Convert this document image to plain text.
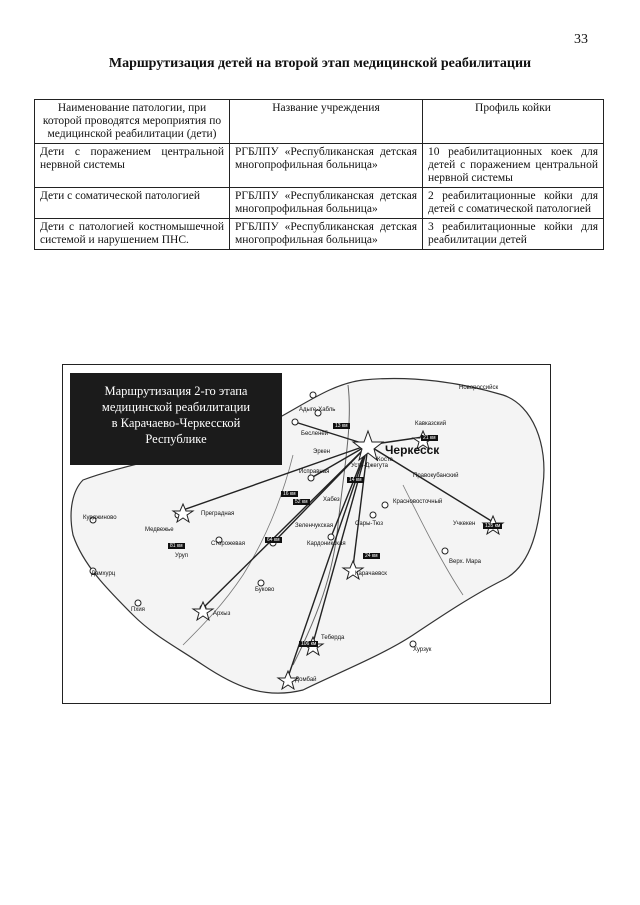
33
Маршрутизация детей на второй этап медицинской реабилитации
Наименование патологии, при которой проводятся мероприятия по медицинской реабилитации (дети)	Название учреждения	Профиль койки
Дети с поражением центральной нервной системы	РГБЛПУ «Республиканская детская многопрофильная больница»	10 реабилитационных коек для детей с поражением центральной нервной системы
Дети с соматической патологией	РГБЛПУ «Республиканская детская многопрофильная больница»	2 реабилитационные койки для детей с соматической патологией
Дети с патологией костномышечной системой и нарушением ПНС.	РГБЛПУ «Республиканская детская многопрофильная больница»	3 реабилитационные койки для реабилитации детей
Маршрутизация 2-го этапа
медицинской реабилитации
в Карачаево-Черкесской
Республике
Черкесск
Новороссийск
Адыге-Хабль
Кавказский
Бесленей
Усть-Джегута
Исправная
Хабез	Красновосточный
Курджиново
Преградная
Медвежье
Зеленчукская	Сары-Тюз	Учкекен
Сторожевая	Кардоникская
Карачаевск
Верх. Мара
Дамхурц
Буково
Пхия
Архыз
Теберда
Хурзук
Домбай
Правокубанский
Эркен
Коста
Уруп
13 км
14 км
16 км
21 км
24 км
52 км
64 км
81 км
106 км
135 км
